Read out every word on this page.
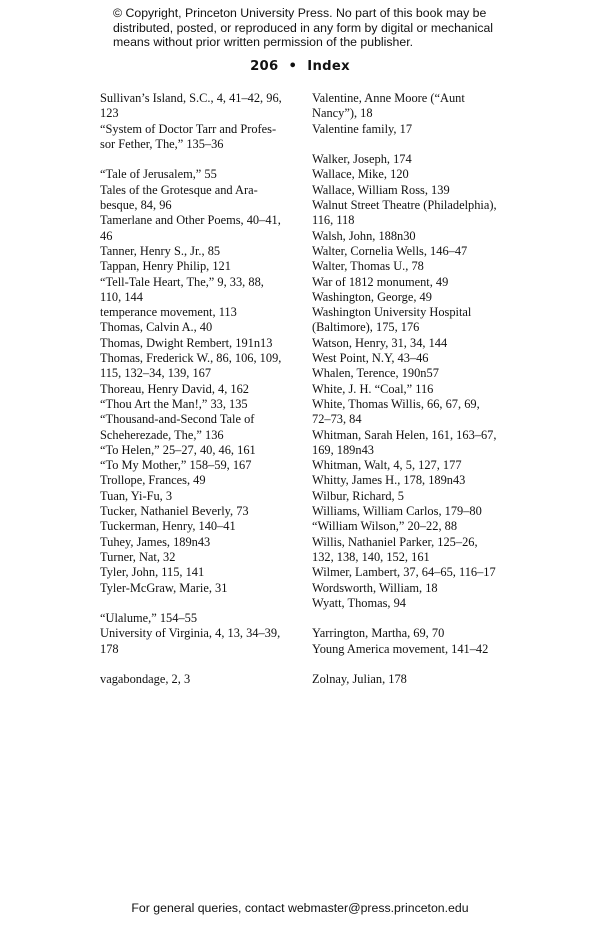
© Copyright, Princeton University Press. No part of this book may be
distributed, posted, or reproduced in any form by digital or mechanical
means without prior written permission of the publisher.
206 • Index
Sullivan’s Island, S.C., 4, 41–42, 96,
123
“System of Doctor Tarr and Profes-
sor Fether, The,” 135–36
“Tale of Jerusalem,” 55
Tales of the Grotesque and Ara-
besque, 84, 96
Tamerlane and Other Poems, 40–41,
46
Tanner, Henry S., Jr., 85
Tappan, Henry Philip, 121
“Tell-Tale Heart, The,” 9, 33, 88,
110, 144
temperance movement, 113
Thomas, Calvin A., 40
Thomas, Dwight Rembert, 191n13
Thomas, Frederick W., 86, 106, 109,
115, 132–34, 139, 167
Thoreau, Henry David, 4, 162
“Thou Art the Man!,” 33, 135
“Thousand-and-Second Tale of
Scheherezade, The,” 136
“To Helen,” 25–27, 40, 46, 161
“To My Mother,” 158–59, 167
Trollope, Frances, 49
Tuan, Yi-Fu, 3
Tucker, Nathaniel Beverly, 73
Tuckerman, Henry, 140–41
Tuhey, James, 189n43
Turner, Nat, 32
Tyler, John, 115, 141
Tyler-McGraw, Marie, 31
“Ulalume,” 154–55
University of Virginia, 4, 13, 34–39,
178
vagabondage, 2, 3
Valentine, Anne Moore (“Aunt
Nancy”), 18
Valentine family, 17
Walker, Joseph, 174
Wallace, Mike, 120
Wallace, William Ross, 139
Walnut Street Theatre (Philadelphia),
116, 118
Walsh, John, 188n30
Walter, Cornelia Wells, 146–47
Walter, Thomas U., 78
War of 1812 monument, 49
Washington, George, 49
Washington University Hospital
(Baltimore), 175, 176
Watson, Henry, 31, 34, 144
West Point, N.Y, 43–46
Whalen, Terence, 190n57
White, J. H. “Coal,” 116
White, Thomas Willis, 66, 67, 69,
72–73, 84
Whitman, Sarah Helen, 161, 163–67,
169, 189n43
Whitman, Walt, 4, 5, 127, 177
Whitty, James H., 178, 189n43
Wilbur, Richard, 5
Williams, William Carlos, 179–80
“William Wilson,” 20–22, 88
Willis, Nathaniel Parker, 125–26,
132, 138, 140, 152, 161
Wilmer, Lambert, 37, 64–65, 116–17
Wordsworth, William, 18
Wyatt, Thomas, 94
Yarrington, Martha, 69, 70
Young America movement, 141–42
Zolnay, Julian, 178
For general queries, contact webmaster@press.princeton.edu
